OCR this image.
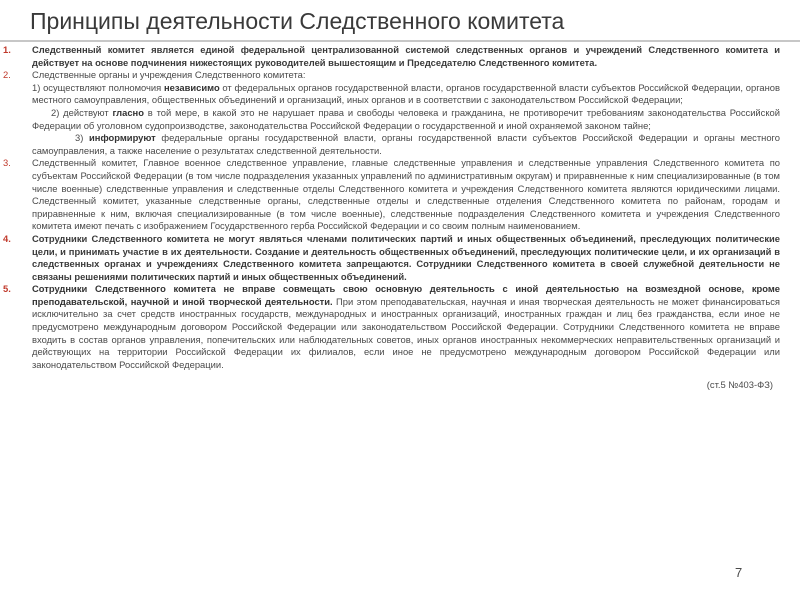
Принципы деятельности Следственного комитета
1.	Следственный комитет является единой федеральной централизованной системой следственных органов и учреждений Следственного комитета и действует на основе подчинения нижестоящих руководителей вышестоящим и Председателю Следственного комитета.
2.	Следственные органы и учреждения Следственного комитета:
1) осуществляют полномочия независимо от федеральных органов государственной власти, органов государственной власти субъектов Российской Федерации, органов местного самоуправления, общественных объединений и организаций, иных органов и в соответствии с законодательством Российской Федерации;
2) действуют гласно в той мере, в какой это не нарушает права и свободы человека и гражданина, не противоречит требованиям законодательства Российской Федерации об уголовном судопроизводстве, законодательства Российской Федерации о государственной и иной охраняемой законом тайне;
3) информируют федеральные органы государственной власти, органы государственной власти субъектов Российской Федерации и органы местного самоуправления, а также население о результатах следственной деятельности.
3.	Следственный комитет, Главное военное следственное управление, главные следственные управления и следственные управления Следственного комитета по субъектам Российской Федерации (в том числе подразделения указанных управлений по административным округам) и приравненные к ним специализированные (в том числе военные) следственные управления и следственные отделы Следственного комитета и учреждения Следственного комитета являются юридическими лицами. Следственный комитет, указанные следственные органы, следственные отделы и следственные отделения Следственного комитета по районам, городам и приравненные к ним, включая специализированные (в том числе военные), следственные подразделения Следственного комитета и учреждения Следственного комитета имеют печать с изображением Государственного герба Российской Федерации и со своим полным наименованием.
4.	Сотрудники Следственного комитета не могут являться членами политических партий и иных общественных объединений, преследующих политические цели, и принимать участие в их деятельности. Создание и деятельность общественных объединений, преследующих политические цели, и их организаций в следственных органах и учреждениях Следственного комитета запрещаются. Сотрудники Следственного комитета в своей служебной деятельности не связаны решениями политических партий и иных общественных объединений.
5.	Сотрудники Следственного комитета не вправе совмещать свою основную деятельность с иной деятельностью на возмездной основе, кроме преподавательской, научной и иной творческой деятельности. При этом преподавательская, научная и иная творческая деятельность не может финансироваться исключительно за счет средств иностранных государств, международных и иностранных организаций, иностранных граждан и лиц без гражданства, если иное не предусмотрено международным договором Российской Федерации или законодательством Российской Федерации. Сотрудники Следственного комитета не вправе входить в состав органов управления, попечительских или наблюдательных советов, иных органов иностранных некоммерческих неправительственных организаций и действующих на территории Российской Федерации их филиалов, если иное не предусмотрено международным договором Российской Федерации или законодательством Российской Федерации.
(ст.5 №403-ФЗ)
7
